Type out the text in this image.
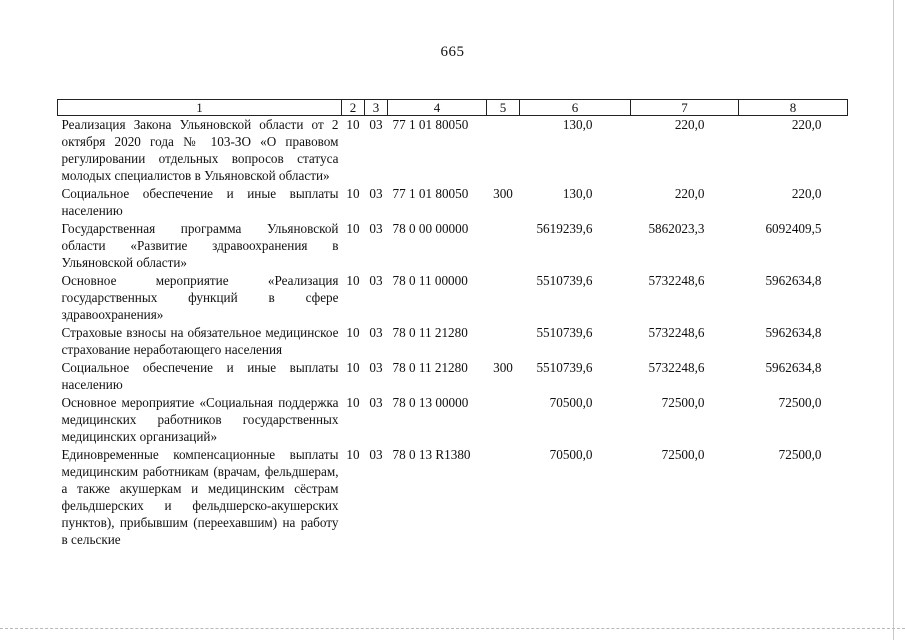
665
1	2	3	4	5	6	7	8
Реализация Закона Ульяновской области от 2 октября 2020 года № 103-ЗО «О правовом регулировании отдельных вопросов статуса молодых специалистов в Ульяновской области»	10	03	77 1 01 80050		130,0	220,0	220,0
Социальное обеспечение и иные выплаты населению	10	03	77 1 01 80050	300	130,0	220,0	220,0
Государственная программа Ульяновской области «Развитие здравоохранения в Ульяновской области»	10	03	78 0 00 00000		5619239,6	5862023,3	6092409,5
Основное мероприятие «Реализация государственных функций в сфере здравоохранения»	10	03	78 0 11 00000		5510739,6	5732248,6	5962634,8
Страховые взносы на обязательное медицинское страхование неработающего населения	10	03	78 0 11 21280		5510739,6	5732248,6	5962634,8
Социальное обеспечение и иные выплаты населению	10	03	78 0 11 21280	300	5510739,6	5732248,6	5962634,8
Основное мероприятие «Социальная поддержка медицинских работников государственных медицинских организаций»	10	03	78 0 13 00000		70500,0	72500,0	72500,0
Единовременные компенсационные выплаты медицинским работникам (врачам, фельдшерам, а также акушеркам и медицинским сёстрам фельдшерских и фельдшерско-акушерских пунктов), прибывшим (переехавшим) на работу в сельские	10	03	78 0 13 R1380		70500,0	72500,0	72500,0
